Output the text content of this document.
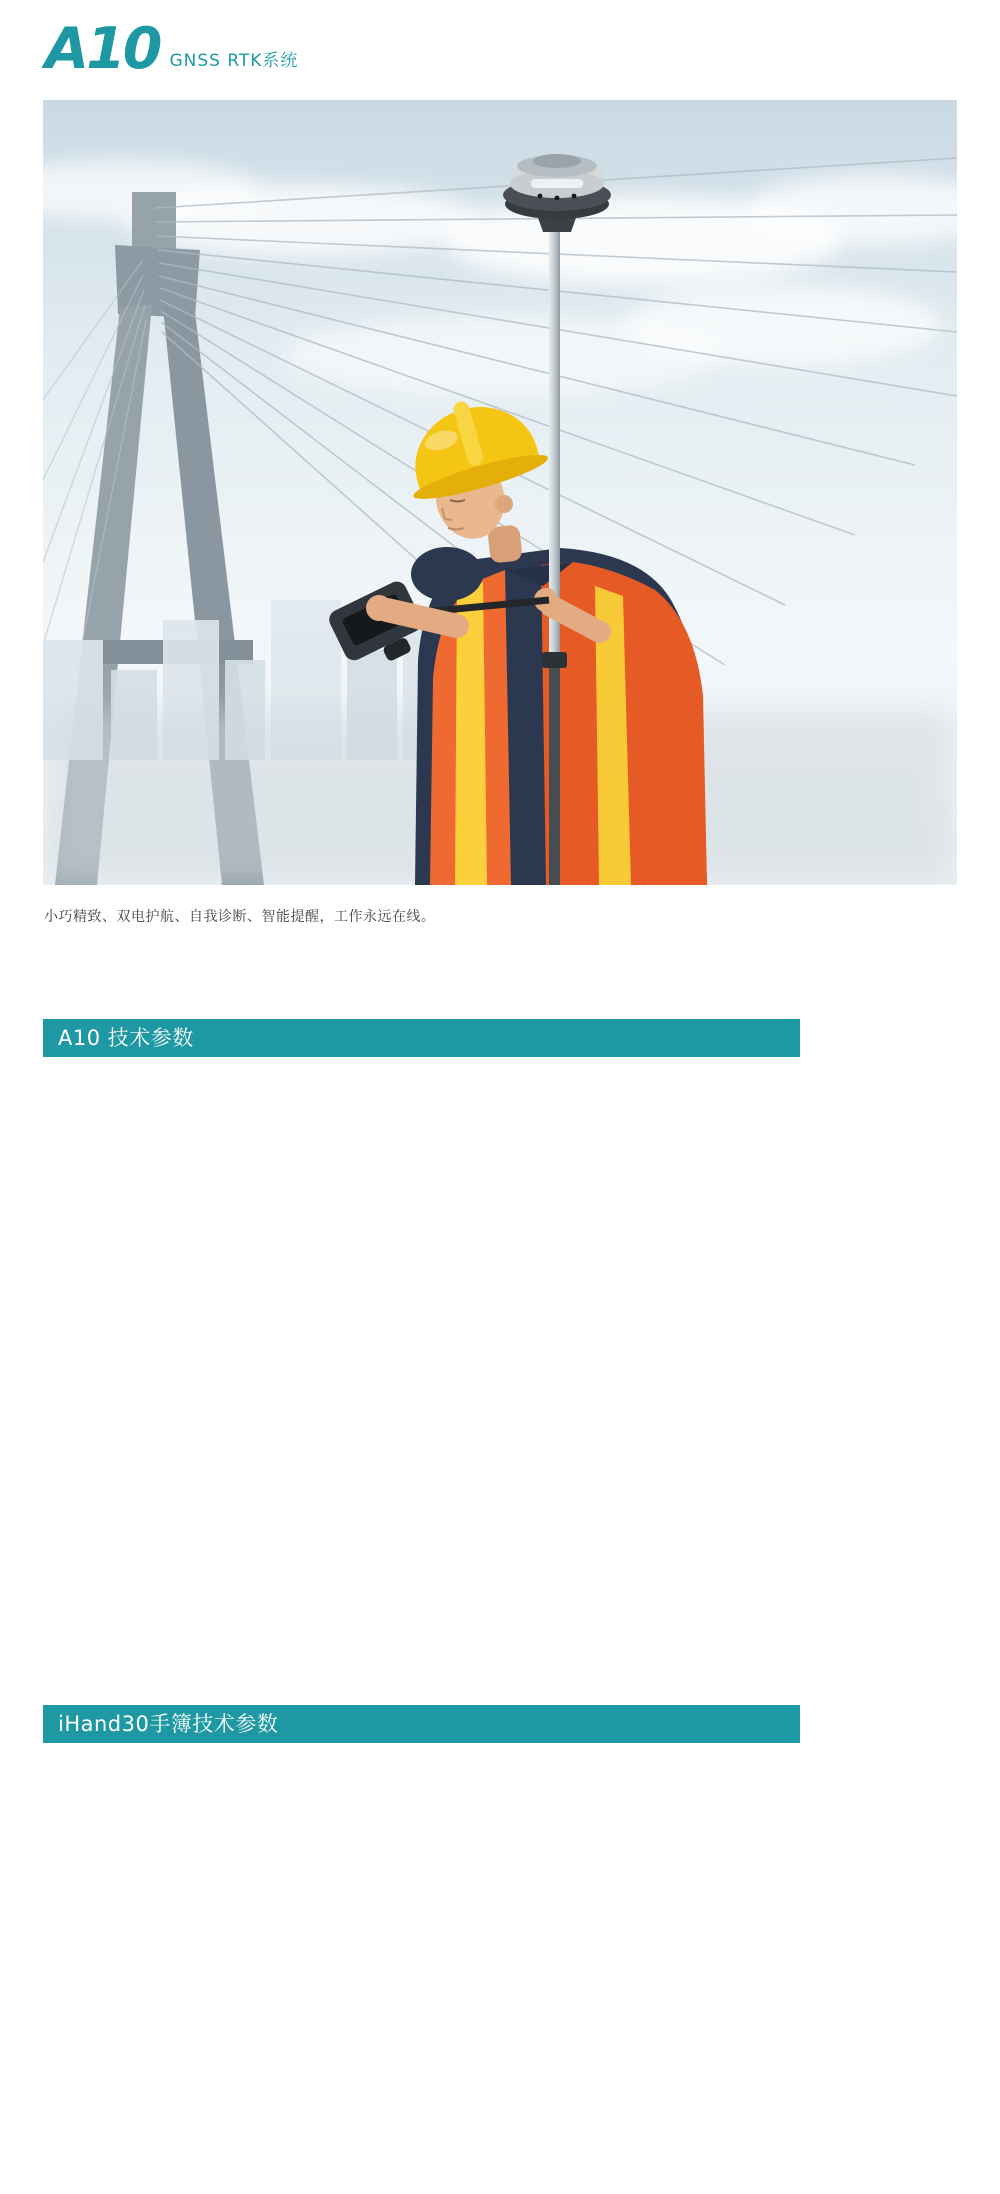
A10 GNSS RTK系统

小巧精致、双电护航、自我诊断、智能提醒，工作永远在线。

A10 技术参数
iHand30手簿技术参数
